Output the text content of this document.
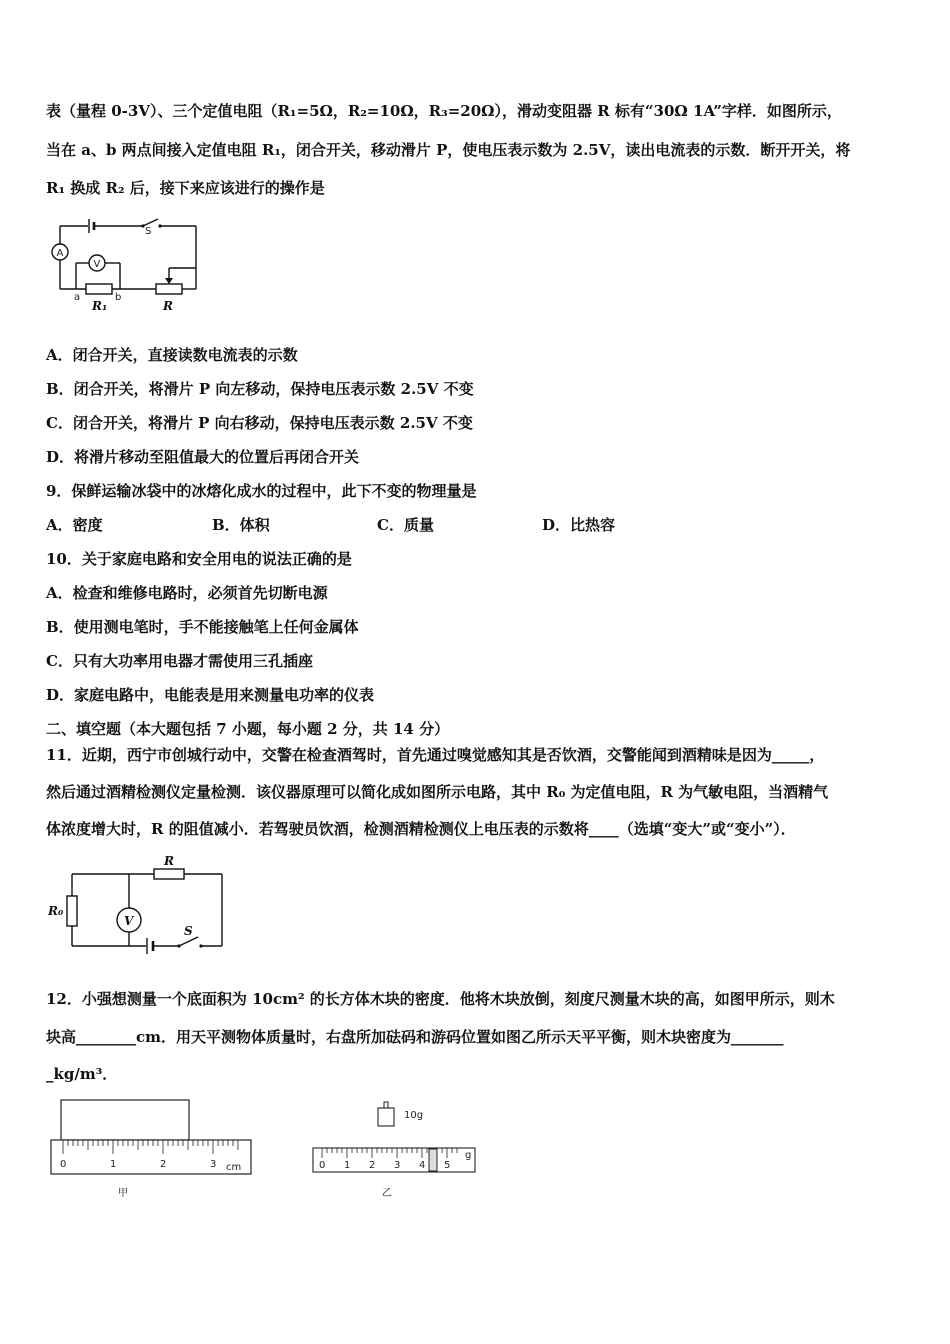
表（量程 0-3V）、三个定值电阻（R₁=5Ω，R₂=10Ω，R₃=20Ω），滑动变阻器 R 标有“30Ω 1A”字样．如图所示，
当在 a、b 两点间接入定值电阻 R₁，闭合开关，移动滑片 P，使电压表示数为 2.5V，读出电流表的示数．断开开关，将
R₁ 换成 R₂ 后，接下来应该进行的操作是
A
V
S
a	b
R₁	R
A．闭合开关，直接读数电流表的示数
B．闭合开关，将滑片 P 向左移动，保持电压表示数 2.5V 不变
C．闭合开关，将滑片 P 向右移动，保持电压表示数 2.5V 不变
D．将滑片移动至阻值最大的位置后再闭合开关
9．保鲜运输冰袋中的冰熔化成水的过程中，此下不变的物理量是
A．密度	B．体积	C．质量	D．比热容
10．关于家庭电路和安全用电的说法正确的是
A．检查和维修电路时，必须首先切断电源
B．使用测电笔时，手不能接触笔上任何金属体
C．只有大功率用电器才需使用三孔插座
D．家庭电路中，电能表是用来测量电功率的仪表
二、填空题（本大题包括 7 小题，每小题 2 分，共 14 分）
11．近期，西宁市创城行动中，交警在检查酒驾时，首先通过嗅觉感知其是否饮酒，交警能闻到酒精味是因为_____，
然后通过酒精检测仪定量检测．该仪器原理可以简化成如图所示电路，其中 R₀ 为定值电阻，R 为气敏电阻，当酒精气
体浓度增大时，R 的阻值减小．若驾驶员饮酒，检测酒精检测仪上电压表的示数将____（选填“变大”或“变小”）．
R
R₀
V
S
12．小强想测量一个底面积为 10cm² 的长方体木块的密度．他将木块放倒，刻度尺测量木块的高，如图甲所示，则木
块高________cm．用天平测物体质量时，右盘所加砝码和游码位置如图乙所示天平平衡，则木块密度为_______
_kg/m³．
0	1	2	3 cm
甲
10g
0 1 2 3 4 5
g
乙
